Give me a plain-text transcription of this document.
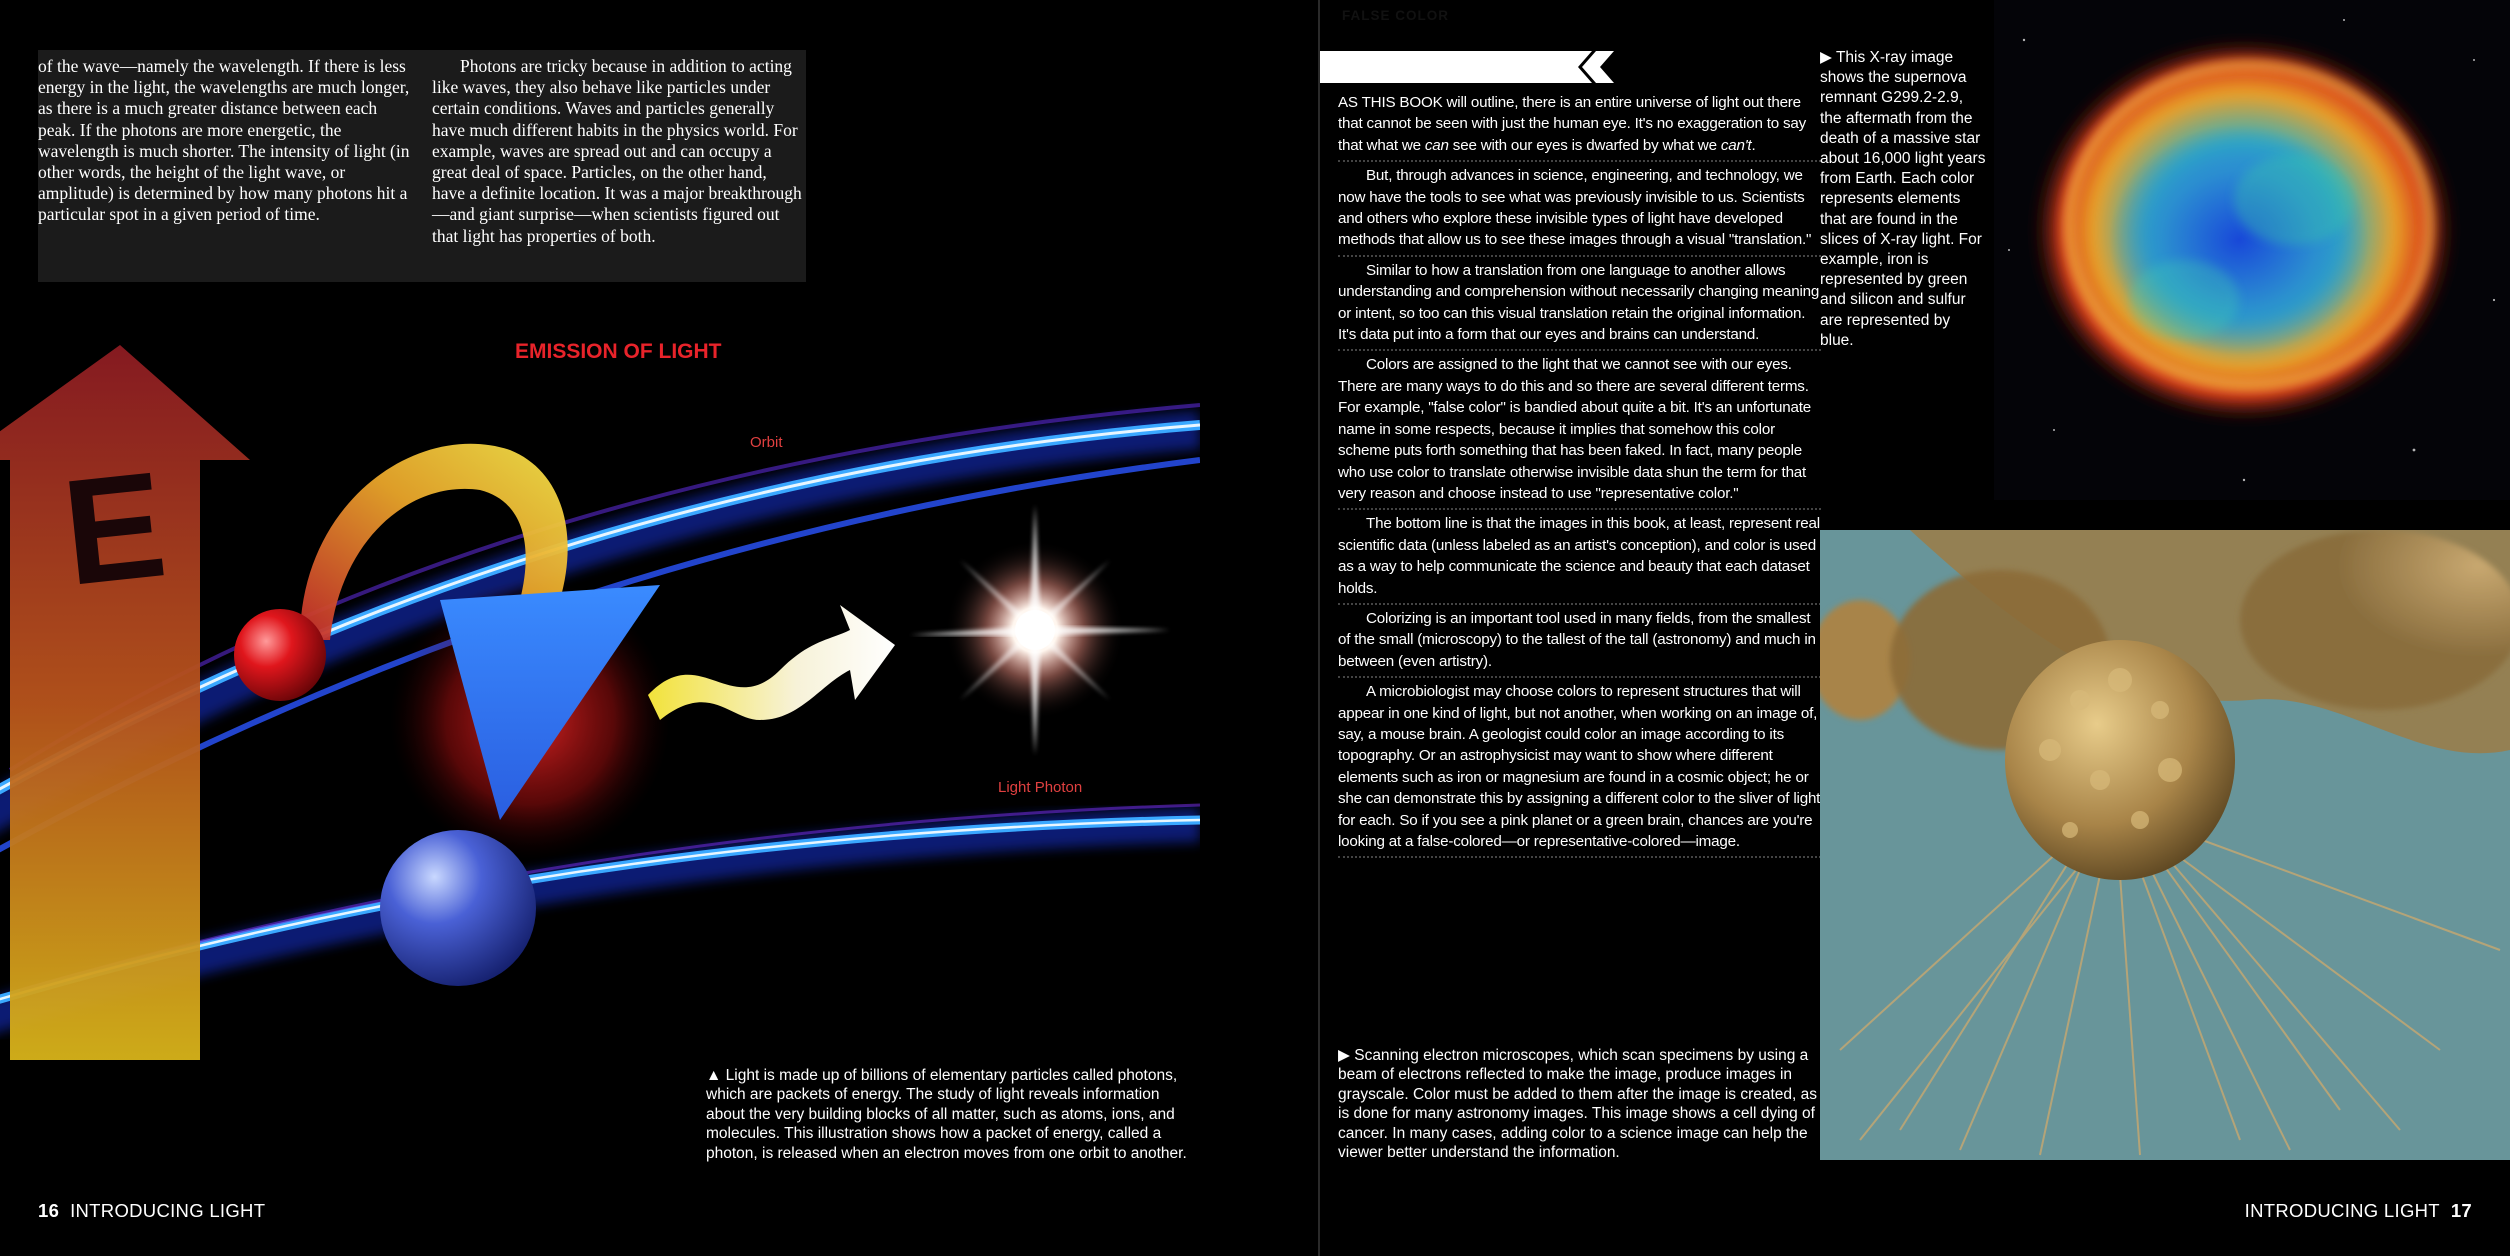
of the wave—namely the wavelength. If there is less energy in the light, the wavelengths are much longer, as there is a much greater distance between each peak. If the photons are more energetic, the wavelength is much shorter. The intensity of light (in other words, the height of the light wave, or amplitude) is determined by how many photons hit a particular spot in a given period of time.

Photons are tricky because in addition to acting like waves, they also behave like particles under certain conditions. Waves and particles generally have much different habits in the physics world. For example, waves are spread out and can occupy a great deal of space. Particles, on the other hand, have a definite location. It was a major breakthrough—and giant surprise—when scientists figured out that light has properties of both.

E
EMISSION OF LIGHT
Orbit
Light Photon

▲ Light is made up of billions of elementary particles called photons, which are packets of energy. The study of light reveals information about the very building blocks of all matter, such as atoms, ions, and molecules. This illustration shows how a packet of energy, called a photon, is released when an electron moves from one orbit to another.

16 INTRODUCING LIGHT
FALSE COLOR

AS THIS BOOK will outline, there is an entire universe of light out there that cannot be seen with just the human eye. It's no exaggeration to say that what we can see with our eyes is dwarfed by what we can't.

But, through advances in science, engineering, and technology, we now have the tools to see what was previously invisible to us. Scientists and others who explore these invisible types of light have developed methods that allow us to see these images through a visual "translation."

Similar to how a translation from one language to another allows understanding and comprehension without necessarily changing meaning or intent, so too can this visual translation retain the original information. It's data put into a form that our eyes and brains can understand.

Colors are assigned to the light that we cannot see with our eyes. There are many ways to do this and so there are several different terms. For example, "false color" is bandied about quite a bit. It's an unfortunate name in some respects, because it implies that somehow this color scheme puts forth something that has been faked. In fact, many people who use color to translate otherwise invisible data shun the term for that very reason and choose instead to use "representative color."

The bottom line is that the images in this book, at least, represent real scientific data (unless labeled as an artist's conception), and color is used as a way to help communicate the science and beauty that each dataset holds.

Colorizing is an important tool used in many fields, from the smallest of the small (microscopy) to the tallest of the tall (astronomy) and much in between (even artistry).

A microbiologist may choose colors to represent structures that will appear in one kind of light, but not another, when working on an image of, say, a mouse brain. A geologist could color an image according to its topography. Or an astrophysicist may want to show where different elements such as iron or magnesium are found in a cosmic object; he or she can demonstrate this by assigning a different color to the sliver of light for each. So if you see a pink planet or a green brain, chances are you're looking at a false-colored—or representative-colored—image.

▶ This X-ray image shows the supernova remnant G299.2-2.9, the aftermath from the death of a massive star about 16,000 light years from Earth. Each color represents elements that are found in the slices of X-ray light. For example, iron is represented by green and silicon and sulfur are represented by blue.

▶ Scanning electron microscopes, which scan specimens by using a beam of electrons reflected to make the image, produce images in grayscale. Color must be added to them after the image is created, as is done for many astronomy images. This image shows a cell dying of cancer. In many cases, adding color to a science image can help the viewer better understand the information.

INTRODUCING LIGHT 17
